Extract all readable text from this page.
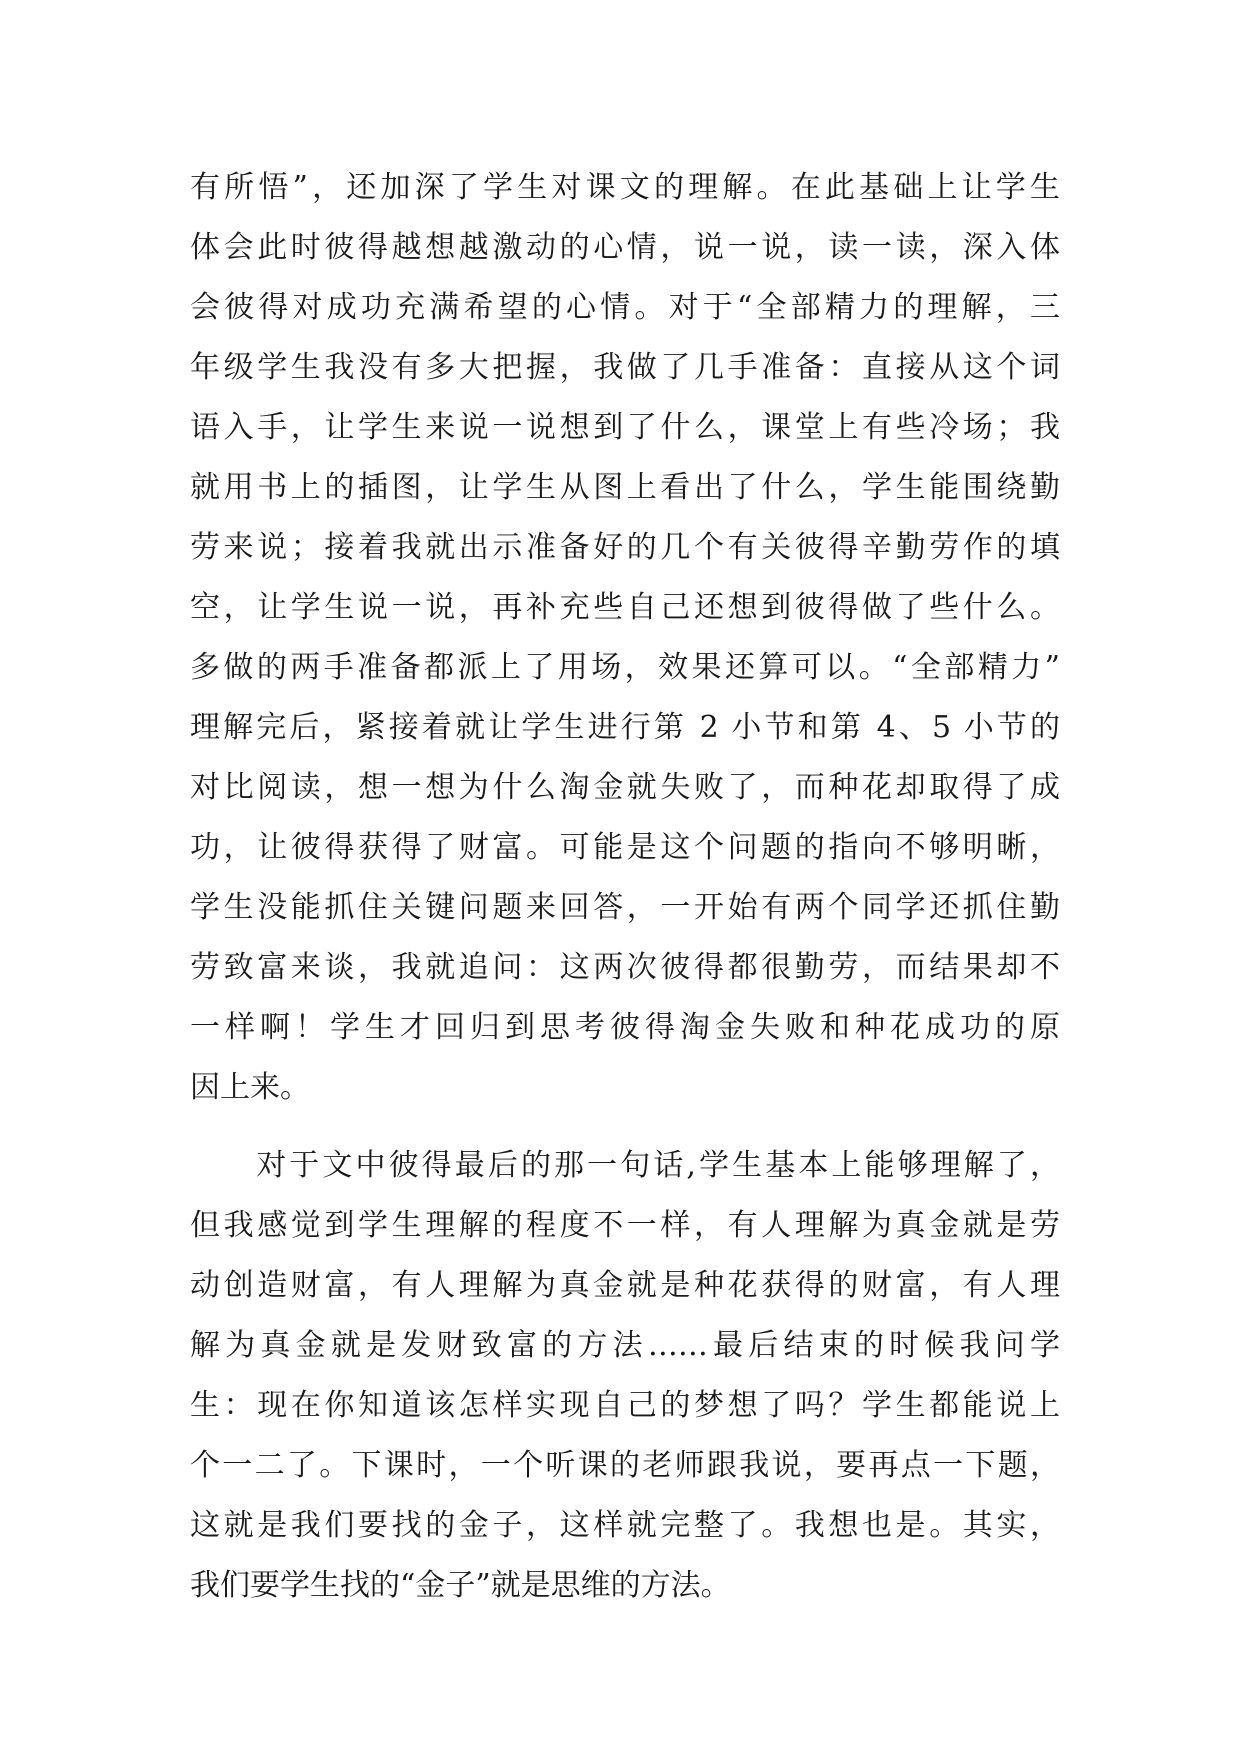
有所悟”，还加深了学生对课文的理解。在此基础上让学生
体会此时彼得越想越激动的心情，说一说，读一读，深入体
会彼得对成功充满希望的心情。对于“全部精力的理解，三
年级学生我没有多大把握，我做了几手准备：直接从这个词
语入手，让学生来说一说想到了什么，课堂上有些冷场；我
就用书上的插图，让学生从图上看出了什么，学生能围绕勤
劳来说；接着我就出示准备好的几个有关彼得辛勤劳作的填
空，让学生说一说，再补充些自己还想到彼得做了些什么。
多做的两手准备都派上了用场，效果还算可以。“全部精力”
理解完后，紧接着就让学生进行第 2 小节和第 4、5 小节的
对比阅读，想一想为什么淘金就失败了，而种花却取得了成
功，让彼得获得了财富。可能是这个问题的指向不够明晰，
学生没能抓住关键问题来回答，一开始有两个同学还抓住勤
劳致富来谈，我就追问：这两次彼得都很勤劳，而结果却不
一样啊！学生才回归到思考彼得淘金失败和种花成功的原
因上来。
　　对于文中彼得最后的那一句话,学生基本上能够理解了，
但我感觉到学生理解的程度不一样，有人理解为真金就是劳
动创造财富，有人理解为真金就是种花获得的财富，有人理
解为真金就是发财致富的方法……最后结束的时候我问学
生：现在你知道该怎样实现自己的梦想了吗？学生都能说上
个一二了。下课时，一个听课的老师跟我说，要再点一下题，
这就是我们要找的金子，这样就完整了。我想也是。其实，
我们要学生找的“金子”就是思维的方法。
